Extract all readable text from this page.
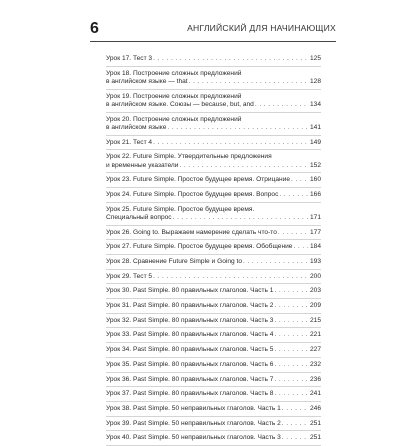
6	АНГЛИЙСКИЙ ДЛЯ НАЧИНАЮЩИХ
Урок 17. Тест 3 . . .	125
Урок 18. Построение сложных предложений
в английском языке — that . . .	128
Урок 19. Построение сложных предложений
в английском языке. Союзы — because, but, and . . .	134
Урок 20. Построение сложных предложений
в английском языке . . .	141
Урок 21. Тест 4 . . .	149
Урок 22. Future Simple. Утвердительные предложения
и временные указатели . . .	152
Урок 23. Future Simple. Простое будущее время. Отрицание . . .	160
Урок 24. Future Simple. Простое будущее время. Вопрос . . .	166
Урок 25. Future Simple. Простое будущее время.
Специальный вопрос . . .	171
Урок 26. Going to. Выражаем намерение сделать что-то . . .	177
Урок 27. Future Simple. Простое будущее время. Обобщение . . .	184
Урок 28. Сравнение Future Simple и Going to . . .	193
Урок 29. Тест 5 . . .	200
Урок 30. Past Simple. 80 правильных глаголов. Часть 1 . . .	203
Урок 31. Past Simple. 80 правильных глаголов. Часть 2 . . .	209
Урок 32. Past Simple. 80 правильных глаголов. Часть 3 . . .	215
Урок 33. Past Simple. 80 правильных глаголов. Часть 4 . . .	221
Урок 34. Past Simple. 80 правильных глаголов. Часть 5 . . .	227
Урок 35. Past Simple. 80 правильных глаголов. Часть 6 . . .	232
Урок 36. Past Simple. 80 правильных глаголов. Часть 7 . . .	236
Урок 37. Past Simple. 80 правильных глаголов. Часть 8 . . .	241
Урок 38. Past Simple. 50 неправильных глаголов. Часть 1 . . .	246
Урок 39. Past Simple. 50 неправильных глаголов. Часть 2 . . .	251
Урок 40. Past Simple. 50 неправильных глаголов. Часть 3 . . .	251
